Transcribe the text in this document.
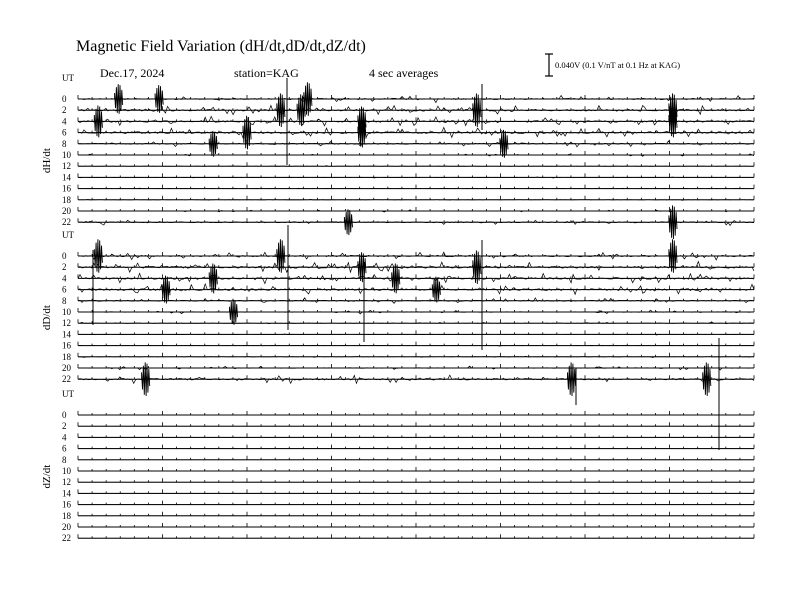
Magnetic Field Variation (dH/dt,dD/dt,dZ/dt)
Dec.17, 2024	station=KAG	4 sec averages
0.040V (0.1 V/nT at 0.1 Hz at KAG)
UT
dH/dt
0
2
4
6
8
10
12
14
16
18
20
22
UT
dD/dt
0
2
4
6
8
10
12
14
16
18
20
22
UT
dZ/dt
0
2
4
6
8
10
12
14
16
18
20
22
